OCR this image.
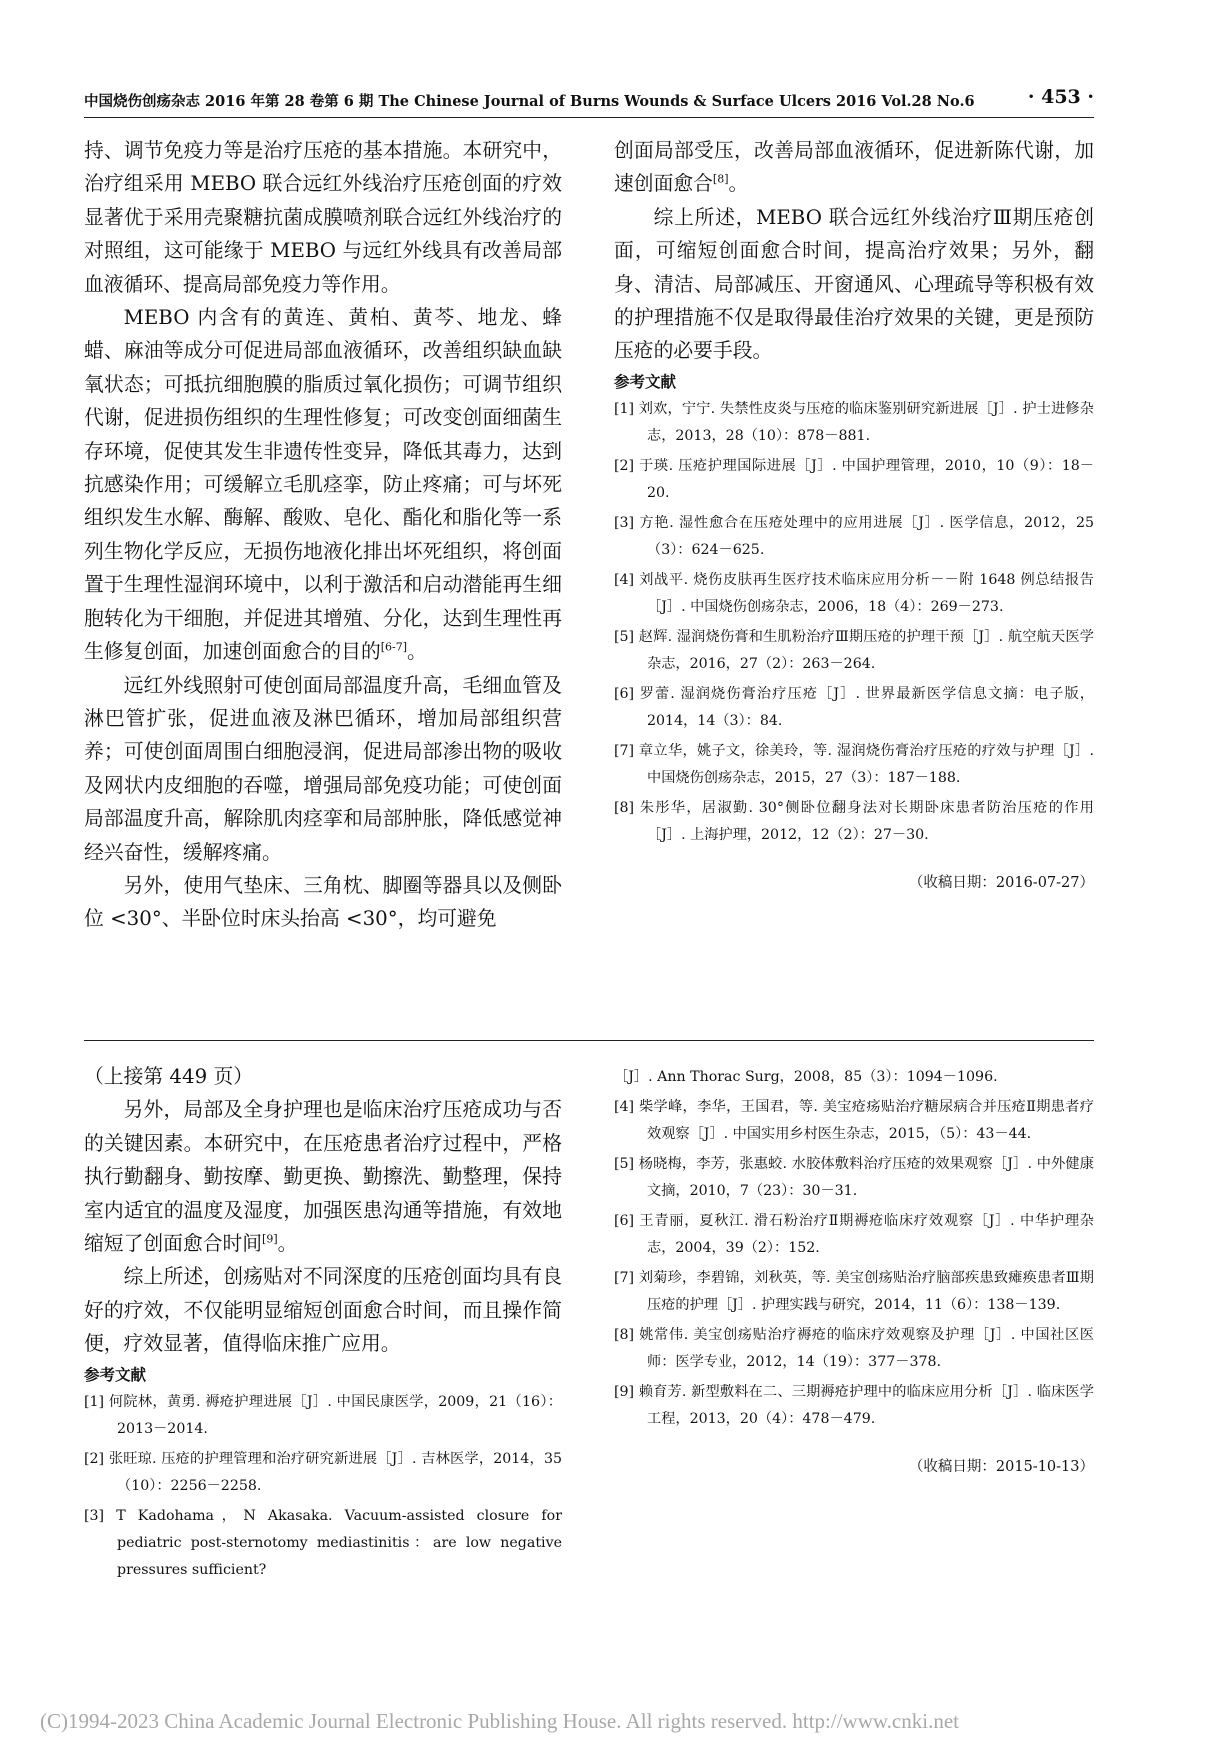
中国烧伤创疡杂志 2016 年第 28 卷第 6 期 The Chinese Journal of Burns Wounds & Surface Ulcers 2016 Vol.28 No.6	· 453 ·

持、调节免疫力等是治疗压疮的基本措施。本研究中，治疗组采用 MEBO 联合远红外线治疗压疮创面的疗效显著优于采用壳聚糖抗菌成膜喷剂联合远红外线治疗的对照组，这可能缘于 MEBO 与远红外线具有改善局部血液循环、提高局部免疫力等作用。

MEBO 内含有的黄连、黄柏、黄芩、地龙、蜂蜡、麻油等成分可促进局部血液循环，改善组织缺血缺氧状态；可抵抗细胞膜的脂质过氧化损伤；可调节组织代谢，促进损伤组织的生理性修复；可改变创面细菌生存环境，促使其发生非遗传性变异，降低其毒力，达到抗感染作用；可缓解立毛肌痉挛，防止疼痛；可与坏死组织发生水解、酶解、酸败、皂化、酯化和脂化等一系列生物化学反应，无损伤地液化排出坏死组织，将创面置于生理性湿润环境中，以利于激活和启动潜能再生细胞转化为干细胞，并促进其增殖、分化，达到生理性再生修复创面，加速创面愈合的目的[6-7]。

远红外线照射可使创面局部温度升高，毛细血管及淋巴管扩张，促进血液及淋巴循环，增加局部组织营养；可使创面周围白细胞浸润，促进局部渗出物的吸收及网状内皮细胞的吞噬，增强局部免疫功能；可使创面局部温度升高，解除肌肉痉挛和局部肿胀，降低感觉神经兴奋性，缓解疼痛。

另外，使用气垫床、三角枕、脚圈等器具以及侧卧位 <30°、半卧位时床头抬高 <30°，均可避免

创面局部受压，改善局部血液循环，促进新陈代谢，加速创面愈合[8]。

综上所述，MEBO 联合远红外线治疗Ⅲ期压疮创面，可缩短创面愈合时间，提高治疗效果；另外，翻身、清洁、局部减压、开窗通风、心理疏导等积极有效的护理措施不仅是取得最佳治疗效果的关键，更是预防压疮的必要手段。

参考文献
[1] 刘欢，宁宁. 失禁性皮炎与压疮的临床鉴别研究新进展［J］. 护士进修杂志，2013，28（10）：878－881.
[2] 于瑛. 压疮护理国际进展［J］. 中国护理管理，2010，10（9）：18－20.
[3] 方艳. 湿性愈合在压疮处理中的应用进展［J］. 医学信息，2012，25（3）：624－625.
[4] 刘战平. 烧伤皮肤再生医疗技术临床应用分析－－附 1648 例总结报告［J］. 中国烧伤创疡杂志，2006，18（4）：269－273.
[5] 赵辉. 湿润烧伤膏和生肌粉治疗Ⅲ期压疮的护理干预［J］. 航空航天医学杂志，2016，27（2）：263－264.
[6] 罗蕾. 湿润烧伤膏治疗压疮［J］. 世界最新医学信息文摘：电子版，2014，14（3）：84.
[7] 章立华，姚子文，徐美玲，等. 湿润烧伤膏治疗压疮的疗效与护理［J］. 中国烧伤创疡杂志，2015，27（3）：187－188.
[8] 朱彤华，居淑勤. 30°侧卧位翻身法对长期卧床患者防治压疮的作用［J］. 上海护理，2012，12（2）：27－30.
（收稿日期：2016-07-27）

（上接第 449 页）

另外，局部及全身护理也是临床治疗压疮成功与否的关键因素。本研究中，在压疮患者治疗过程中，严格执行勤翻身、勤按摩、勤更换、勤擦洗、勤整理，保持室内适宜的温度及湿度，加强医患沟通等措施，有效地缩短了创面愈合时间[9]。

综上所述，创疡贴对不同深度的压疮创面均具有良好的疗效，不仅能明显缩短创面愈合时间，而且操作简便，疗效显著，值得临床推广应用。

参考文献
[1] 何院林，黄勇. 褥疮护理进展［J］. 中国民康医学，2009，21（16）：2013－2014.
[2] 张旺琼. 压疮的护理管理和治疗研究新进展［J］. 吉林医学，2014，35（10）：2256－2258.
[3] T Kadohama，N Akasaka. Vacuum-assisted closure for pediatric post-sternotomy mediastinitis：are low negative pressures sufficient?
［J］. Ann Thorac Surg，2008，85（3）：1094－1096.
[4] 柴学峰，李华，王国君，等. 美宝疮疡贴治疗糖尿病合并压疮Ⅱ期患者疗效观察［J］. 中国实用乡村医生杂志，2015，（5）：43－44.
[5] 杨晓梅，李芳，张惠蛟. 水胶体敷料治疗压疮的效果观察［J］. 中外健康文摘，2010，7（23）：30－31.
[6] 王青丽，夏秋江. 滑石粉治疗Ⅱ期褥疮临床疗效观察［J］. 中华护理杂志，2004，39（2）：152.
[7] 刘菊珍，李碧锦，刘秋英，等. 美宝创疡贴治疗脑部疾患致瘫痪患者Ⅲ期压疮的护理［J］. 护理实践与研究，2014，11（6）：138－139.
[8] 姚常伟. 美宝创疡贴治疗褥疮的临床疗效观察及护理［J］. 中国社区医师：医学专业，2012，14（19）：377－378.
[9] 赖育芳. 新型敷料在二、三期褥疮护理中的临床应用分析［J］. 临床医学工程，2013，20（4）：478－479.
（收稿日期：2015-10-13）
(C)1994-2023 China Academic Journal Electronic Publishing House. All rights reserved. http://www.cnki.net
